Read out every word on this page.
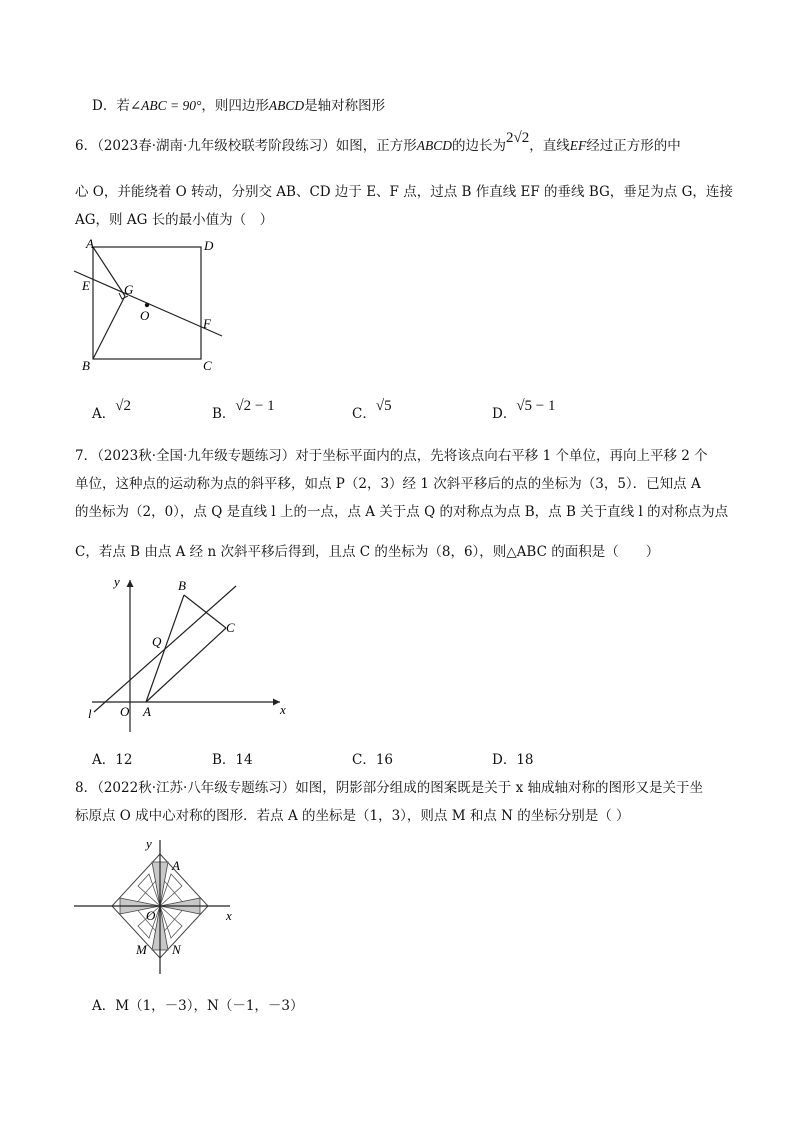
D．若∠ABC = 90°，则四边形ABCD是轴对称图形
6．（2023春·湖南·九年级校联考阶段练习）如图，正方形ABCD的边长为2√2，直线EF经过正方形的中
心 O，并能绕着 O 转动，分别交 AB、CD 边于 E、F 点，过点 B 作直线 EF 的垂线 BG，垂足为点 G，连接
AG，则 AG 长的最小值为（　）
A	D
E	G
O
F
B	C
A．√2	B．√2 − 1	C．√5	D．√5 − 1
7．（2023秋·全国·九年级专题练习）对于坐标平面内的点，先将该点向右平移 1 个单位，再向上平移 2 个
单位，这种点的运动称为点的斜平移，如点 P（2，3）经 1 次斜平移后的点的坐标为（3，5）．已知点 A
的坐标为（2，0），点 Q 是直线 l 上的一点，点 A 关于点 Q 的对称点为点 B，点 B 关于直线 l 的对称点为点
C，若点 B 由点 A 经 n 次斜平移后得到，且点 C 的坐标为（8，6），则△ABC 的面积是（　　）
y	B
C
Q
l O A	x
A．12	B．14	C．16	D．18
8．（2022秋·江苏·八年级专题练习）如图，阴影部分组成的图案既是关于 x 轴成轴对称的图形又是关于坐
标原点 O 成中心对称的图形．若点 A 的坐标是（1，3），则点 M 和点 N 的坐标分别是（ ）
y
A
O	x
M N
A．M（1，－3），N（－1，－3）
